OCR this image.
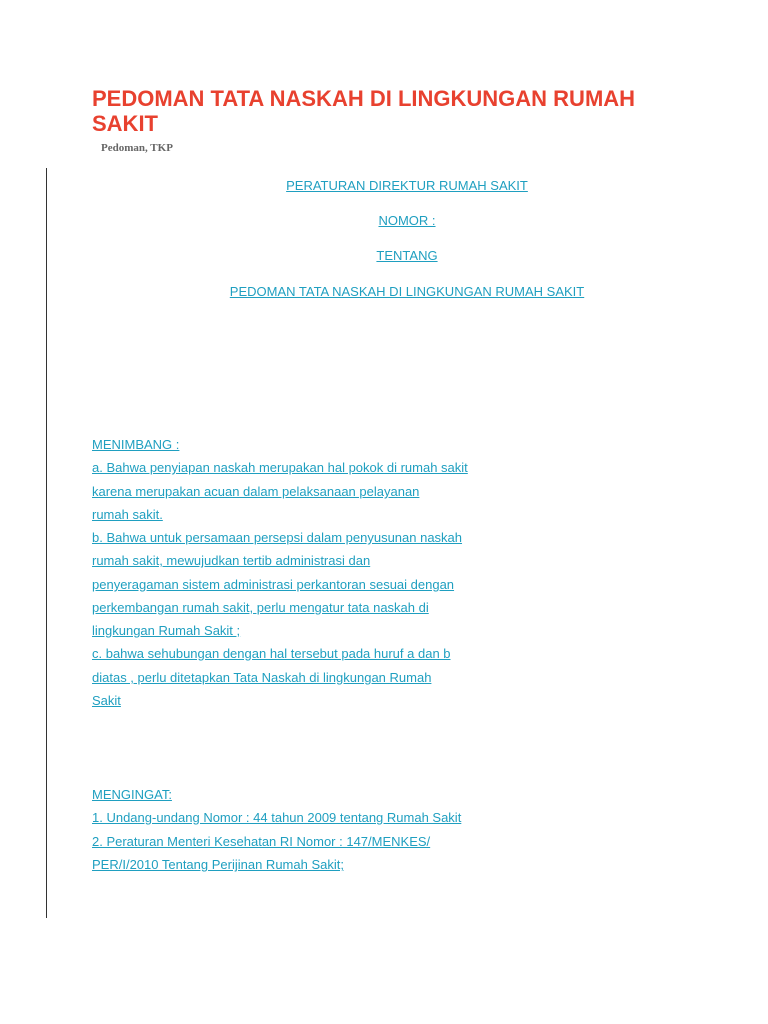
PEDOMAN TATA NASKAH DI LINGKUNGAN RUMAH SAKIT

Pedoman, TKP

PERATURAN DIREKTUR RUMAH SAKIT
NOMOR :
TENTANG
PEDOMAN TATA NASKAH DI LINGKUNGAN RUMAH SAKIT
MENIMBANG :
a. Bahwa penyiapan naskah merupakan hal pokok di rumah sakit
karena merupakan acuan dalam pelaksanaan pelayanan
rumah sakit.
b. Bahwa untuk persamaan persepsi dalam penyusunan naskah
rumah sakit, mewujudkan tertib administrasi dan
penyeragaman sistem administrasi perkantoran sesuai dengan
perkembangan rumah sakit, perlu mengatur tata naskah di
lingkungan Rumah Sakit ;
c. bahwa sehubungan dengan hal tersebut pada huruf a dan b
diatas , perlu ditetapkan Tata Naskah di lingkungan Rumah
Sakit
MENGINGAT:
1. Undang-undang Nomor : 44 tahun 2009 tentang Rumah Sakit
2. Peraturan Menteri Kesehatan RI Nomor : 147/MENKES/
PER/I/2010 Tentang Perijinan Rumah Sakit;
